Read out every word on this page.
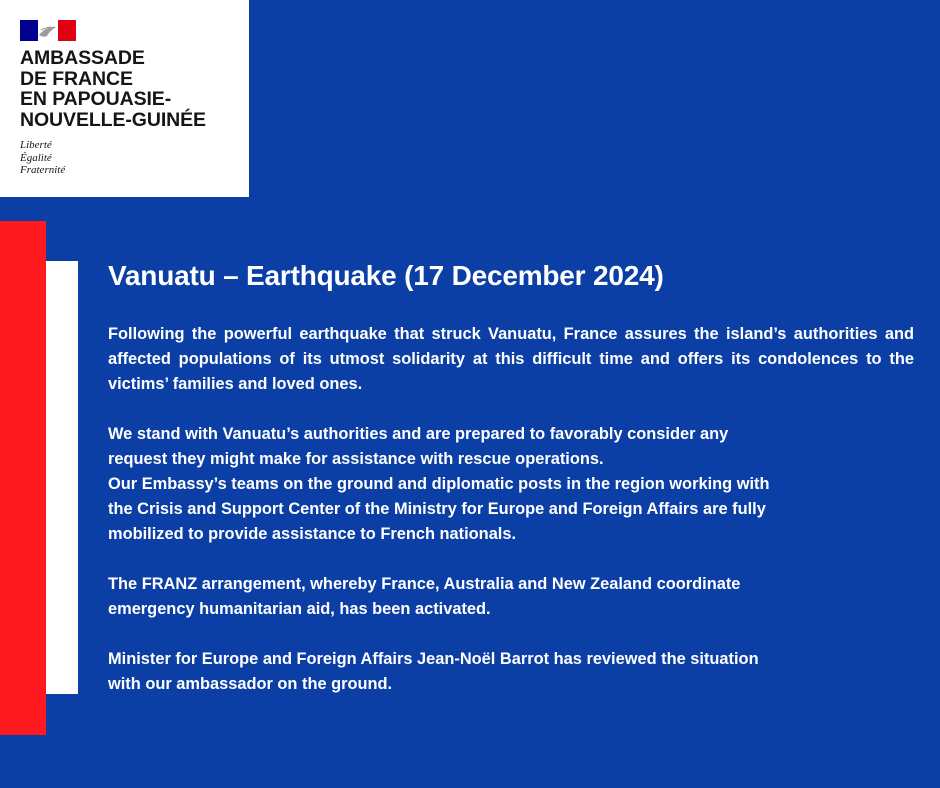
AMBASSADE
DE FRANCE
EN PAPOUASIE-
NOUVELLE-GUINÉE
Liberté
Égalité
Fraternité
Vanuatu – Earthquake (17 December 2024)

Following the powerful earthquake that struck Vanuatu, France assures the island’s authorities and affected populations of its utmost solidarity at this difficult time and offers its condolences to the victims’ families and loved ones.

We stand with Vanuatu’s authorities and are prepared to favorably consider any
request they might make for assistance with rescue operations.
Our Embassy’s teams on the ground and diplomatic posts in the region working with
the Crisis and Support Center of the Ministry for Europe and Foreign Affairs are fully
mobilized to provide assistance to French nationals.

The FRANZ arrangement, whereby France, Australia and New Zealand coordinate
emergency humanitarian aid, has been activated.

Minister for Europe and Foreign Affairs Jean-Noël Barrot has reviewed the situation
with our ambassador on the ground.
